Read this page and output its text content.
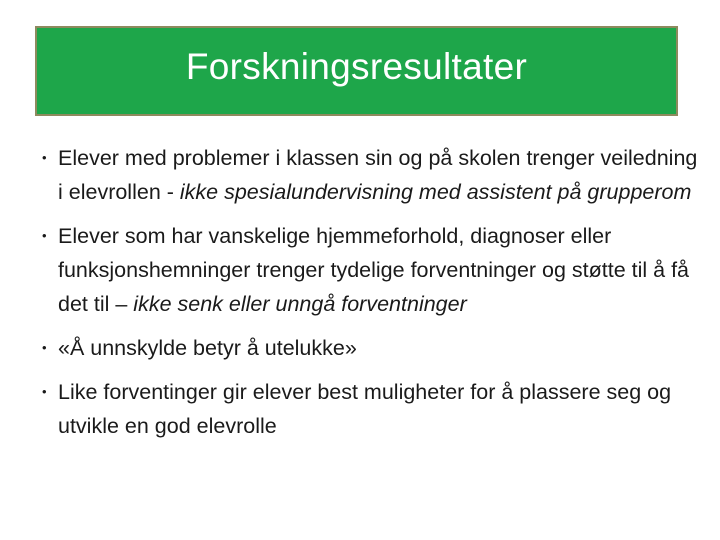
Forskningsresultater
• Elever med problemer i klassen sin og på skolen trenger veiledning i elevrollen - ikke spesialundervisning med assistent på grupperom
• Elever som har vanskelige hjemmeforhold, diagnoser eller funksjonshemninger trenger tydelige forventninger og støtte til å få det til – ikke senk eller unngå forventninger
• «Å unnskylde betyr å utelukke»
• Like forventinger gir elever best muligheter for å plassere seg og utvikle en god elevrolle
